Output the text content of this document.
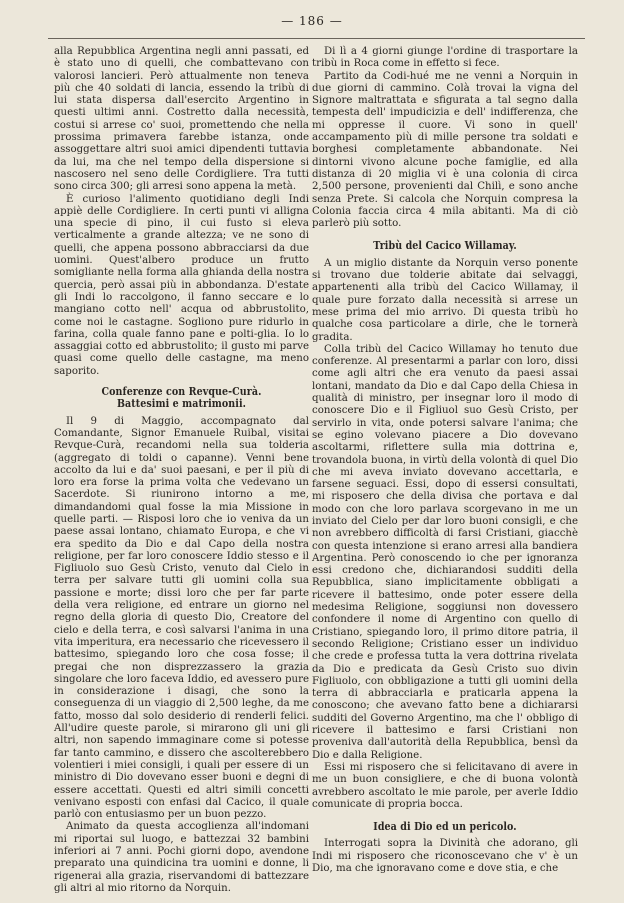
— 186 —

alla Repubblica Argentina negli anni passati, ed è stato uno di quelli, che combattevano con valorosi lancieri. Però attualmente non teneva più che 40 soldati di lancia, essendo la tribù di lui stata dispersa dall'esercito Argentino in questi ultimi anni. Costretto dalla necessità, costui si arrese co' suoi, promettendo che nella prossima primavera farebbe istanza, onde assoggettare altri suoi amici dipendenti tuttavia da lui, ma che nel tempo della dispersione si nascosero nel seno delle Cordigliere. Tra tutti sono circa 300; gli arresi sono appena la metà.

È curioso l'alimento quotidiano degli Indi appiè delle Cordigliere. In certi punti vi alligna una specie di pino, il cui fusto si eleva verticalmente a grande altezza; ve ne sono di quelli, che appena possono abbracciarsi da due uomini. Quest'albero produce un frutto somigliante nella forma alla ghianda della nostra quercia, però assai più in abbondanza. D'estate gli Indi lo raccolgono, il fanno seccare e lo mangiano cotto nell' acqua od abbrustolito, come noi le castagne. Sogliono pure ridurlo in farina, colla quale fanno pane e polti-glia. Io lo assaggiai cotto ed abbrustolito; il gusto mi parve quasi come quello delle castagne, ma meno saporito.

Conferenze con Revque-Curà. Battesimi e matrimonii.

Il 9 di Maggio, accompagnato dal Comandante, Signor Emanuele Ruibal, visitai Revque-Curà, recandomi nella sua tolderia (aggregato di toldi o capanne). Venni bene accolto da lui e da' suoi paesani, e per il più di loro era forse la prima volta che vedevano un Sacerdote. Si riunirono intorno a me, dimandandomi qual fosse la mia Missione in quelle parti. — Risposi loro che io veniva da un paese assai lontano, chiamato Europa, e che vi era spedito da Dio e dal Capo della nostra religione, per far loro conoscere Iddio stesso e il Figliuolo suo Gesù Cristo, venuto dal Cielo in terra per salvare tutti gli uomini colla sua passione e morte; dissi loro che per far parte della vera religione, ed entrare un giorno nel regno della gloria di questo Dio, Creatore del cielo e della terra, e così salvarsi l'anima in una vita imperitura, era necessario che ricevessero il battesimo, spiegando loro che cosa fosse; il pregai che non disprezzassero la grazia singolare che loro faceva Iddio, ed avessero pure in considerazione i disagi, che sono la conseguenza di un viaggio di 2,500 leghe, da me fatto, mosso dal solo desiderio di renderli felici. All'udire queste parole, si mirarono gli uni gli altri, non sapendo immaginare come si potesse far tanto cammino, e dissero che ascolterebbero volentieri i miei consigli, i quali per essere di un ministro di Dio dovevano esser buoni e degni di essere accettati. Questi ed altri simili concetti venivano esposti con enfasi dal Cacico, il quale parlò con entusiasmo per un buon pezzo.

Animato da questa accoglienza all'indomani mi riportai sul luogo, e battezzai 32 bambini inferiori ai 7 anni. Pochi giorni dopo, avendone preparato una quindicina tra uomini e donne, li rigenerai alla grazia, riservandomi di battezzare gli altri al mio ritorno da Norquin.

Di lì a 4 giorni giunge l'ordine di trasportare la tribù in Roca come in effetto si fece.

Partito da Codi-hué me ne venni a Norquin in due giorni di cammino. Colà trovai la vigna del Signore maltrattata e sfigurata a tal segno dalla tempesta dell' impudicizia e dell' indifferenza, che mi oppresse il cuore. Vi sono in quell' accampamento più di mille persone tra soldati e borghesi completamente abbandonate. Nei dintorni vivono alcune poche famiglie, ed alla distanza di 20 miglia vi è una colonia di circa 2,500 persone, provenienti dal Chilì, e sono anche senza Prete. Si calcola che Norquin compresa la Colonia faccia circa 4 mila abitanti. Ma di ciò parlerò più sotto.

Tribù del Cacico Willamay.

A un miglio distante da Norquin verso ponente si trovano due tolderie abitate dai selvaggi, appartenenti alla tribù del Cacico Willamay, il quale pure forzato dalla necessità si arrese un mese prima del mio arrivo. Di questa tribù ho qualche cosa particolare a dirle, che le tornerà gradita.

Colla tribù del Cacico Willamay ho tenuto due conferenze. Al presentarmi a parlar con loro, dissi come agli altri che era venuto da paesi assai lontani, mandato da Dio e dal Capo della Chiesa in qualità di ministro, per insegnar loro il modo di conoscere Dio e il Figliuol suo Gesù Cristo, per servirlo in vita, onde potersi salvare l'anima; che se egino volevano piacere a Dio dovevano ascoltarmi, riflettere sulla mia dottrina e, trovandola buona, in virtù della volontà di quel Dio che mi aveva inviato dovevano accettarla, e farsene seguaci. Essi, dopo di essersi consultati, mi risposero che della divisa che portava e dal modo con che loro parlava scorgevano in me un inviato del Cielo per dar loro buoni consigli, e che non avrebbero difficoltà di farsi Cristiani, giacchè con questa intenzione si erano arresi alla bandiera Argentina. Però conoscendo io che per ignoranza essi credono che, dichiarandosi sudditi della Repubblica, siano implicitamente obbligati a ricevere il battesimo, onde poter essere della medesima Religione, soggiunsi non dovessero confondere il nome di Argentino con quello di Cristiano, spiegando loro, il primo ditore patria, il secondo Religione; Cristiano esser un individuo che crede e professa tutta la vera dottrina rivelata da Dio e predicata da Gesù Cristo suo divin Figliuolo, con obbligazione a tutti gli uomini della terra di abbracciarla e praticarla appena la conoscono; che avevano fatto bene a dichiararsi sudditi del Governo Argentino, ma che l' obbligo di ricevere il battesimo e farsi Cristiani non proveniva dall'autorità della Repubblica, bensì da Dio e dalla Religione.

Essi mi risposero che si felicitavano di avere in me un buon consigliere, e che di buona volontà avrebbero ascoltato le mie parole, per averle Iddio comunicate di propria bocca.

Idea di Dio ed un pericolo.

Interrogati sopra la Divinità che adorano, gli Indi mi risposero che riconoscevano che v' è un Dio, ma che ignoravano come e dove stia, e che
